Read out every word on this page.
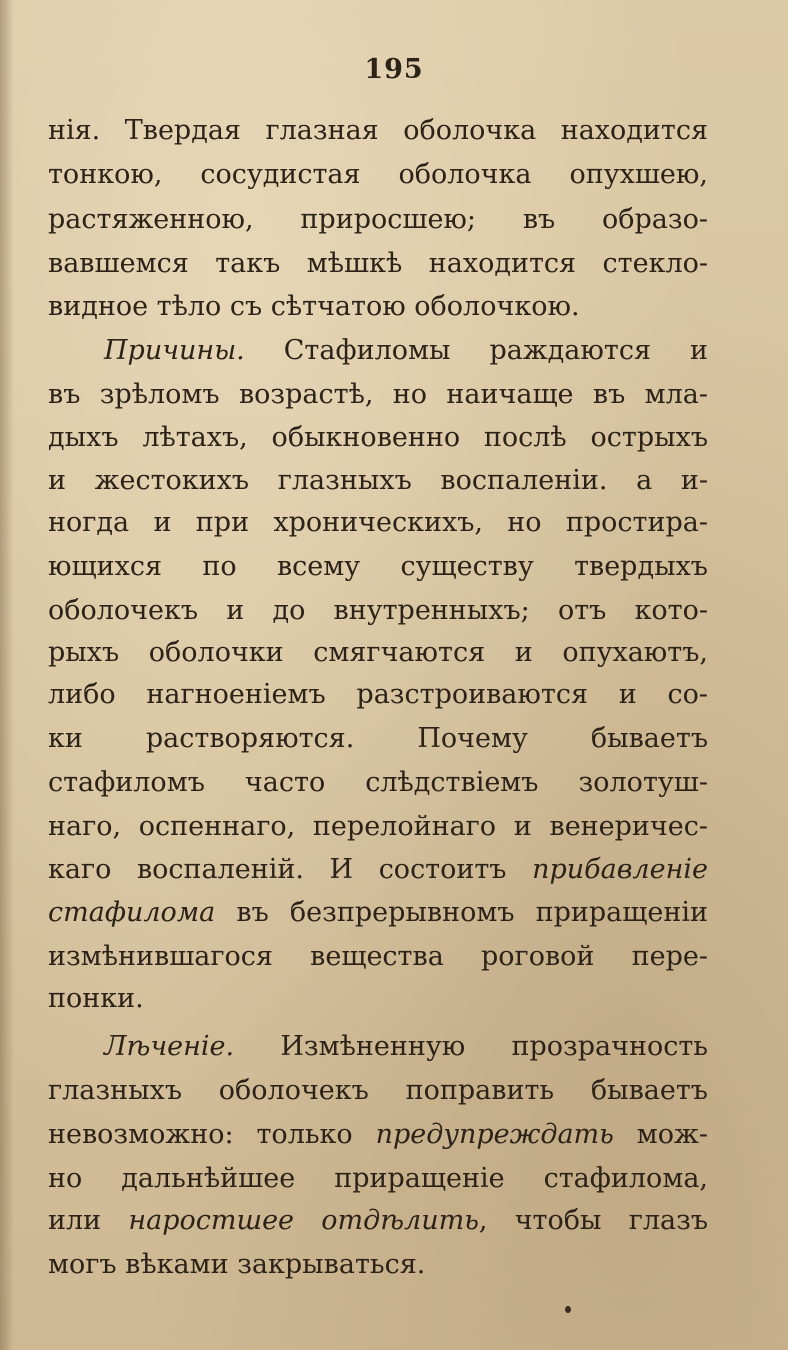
195

нія. Твердая глазная оболочка находится

тонкою, сосудистая оболочка опухшею,

растяженною, приросшею; въ образо-

вавшемся такъ мѣшкѣ находится стекло-

видное тѣло съ сѣтчатою оболочкою.

Причины. Стафиломы раждаются и

въ зрѣломъ возрастѣ, но наичаще въ мла-

дыхъ лѣтахъ, обыкновенно послѣ острыхъ

и жестокихъ глазныхъ воспаленіи. а и-

ногда и при хроническихъ, но простира-

ющихся по всему существу твердыхъ

оболочекъ и до внутренныхъ; отъ кото-

рыхъ оболочки смягчаются и опухаютъ,

либо нагноеніемъ разстроиваются и со-

ки растворяются. Почему бываетъ

стафиломъ часто слѣдствіемъ золотуш-

наго, оспеннаго, перелойнаго и венеричес-

каго воспаленій. И состоитъ прибавленіе

стафилома въ безпрерывномъ приращеніи

измѣнившагося вещества роговой пере-

понки.

Лѣченіе. Измѣненную прозрачность

глазныхъ оболочекъ поправить бываетъ

невозможно: только предупреждать мож-

но дальнѣйшее приращеніе стафилома,

или наростшее отдѣлить, чтобы глазъ

могъ вѣками закрываться.
